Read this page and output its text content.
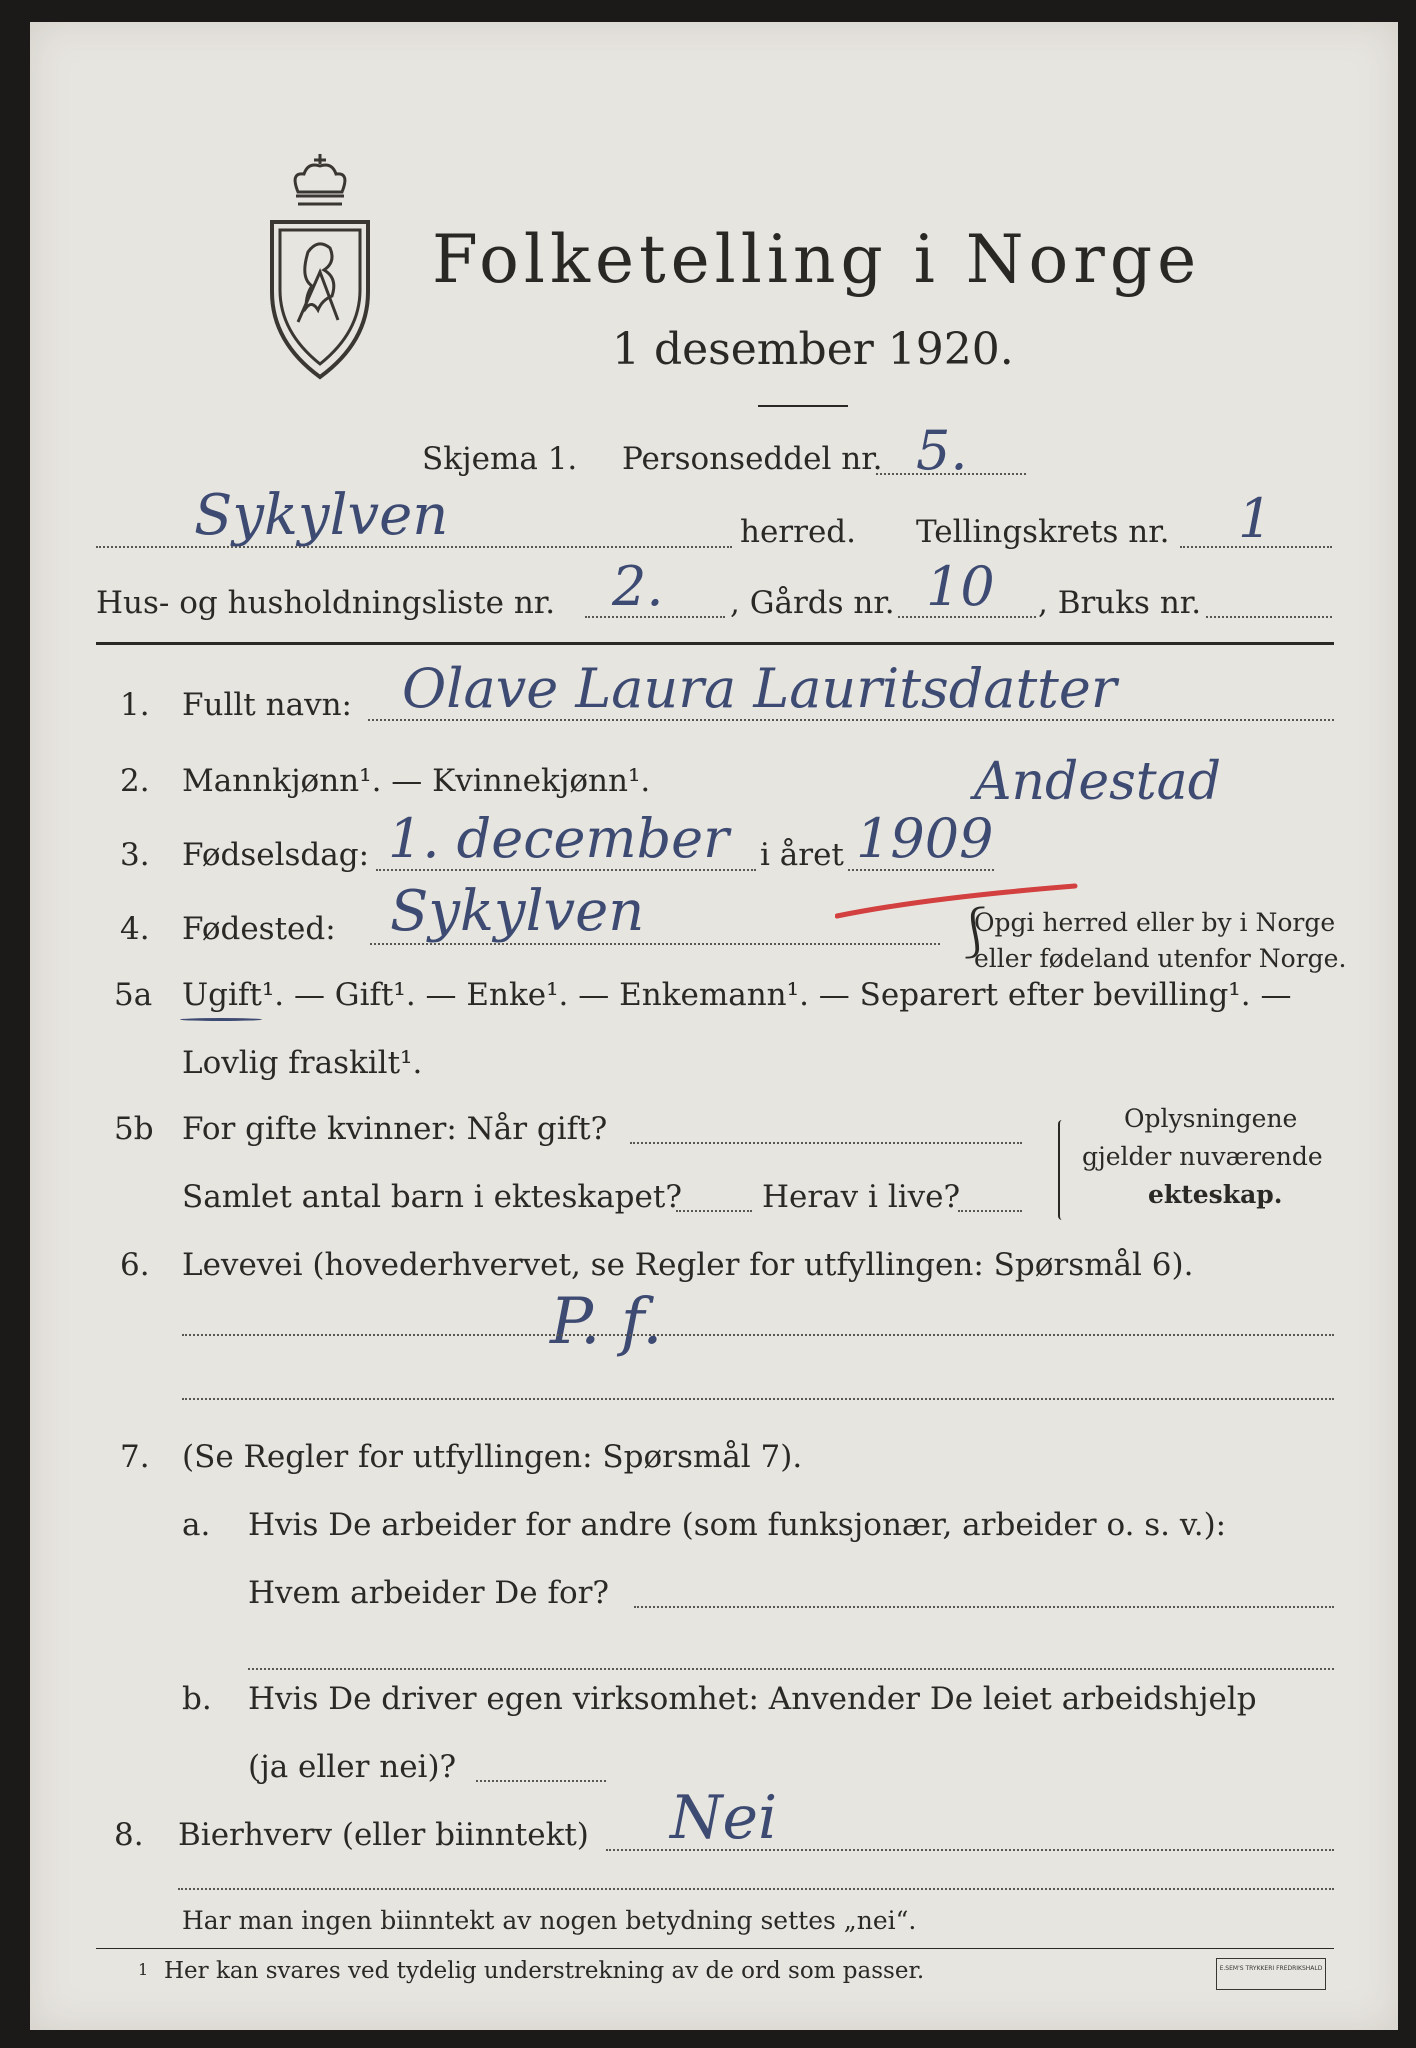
Folketelling i Norge
1 desember 1920.
Skjema 1. Personseddel nr. 5.
Sykylven	herred. Tellingskrets nr. 1
Hus- og husholdningsliste nr. 2. , Gårds nr. 10 , Bruks nr.
1. Fullt navn: Olave Laura Lauritsdatter
2. Mannkjønn¹. — Kvinnekjønn¹.	Andestad
3. Fødselsdag: 1. december i året 1909
4. Fødested: Sykylven	⎰
Opgi herred eller by i Norge
eller fødeland utenfor Norge.
5a Ugift¹. — Gift¹. — Enke¹. — Enkemann¹. — Separert efter bevilling¹. —
Lovlig fraskilt¹.
5b For gifte kvinner: Når gift?
Samlet antal barn i ekteskapet?	Herav i live?
Oplysningene
gjelder nuværende
ekteskap.
6. Levevei (hovederhvervet, se Regler for utfyllingen: Spørsmål 6).
P. f.
7. (Se Regler for utfyllingen: Spørsmål 7).
a. Hvis De arbeider for andre (som funksjonær, arbeider o. s. v.):
Hvem arbeider De for?
b. Hvis De driver egen virksomhet: Anvender De leiet arbeidshjelp
(ja eller nei)?
8. Bierhverv (eller biinntekt) Nei
Har man ingen biinntekt av nogen betydning settes „nei“.
1 Her kan svares ved tydelig understrekning av de ord som passer.	E.SEM'S TRYKKERI FREDRIKSHALD
